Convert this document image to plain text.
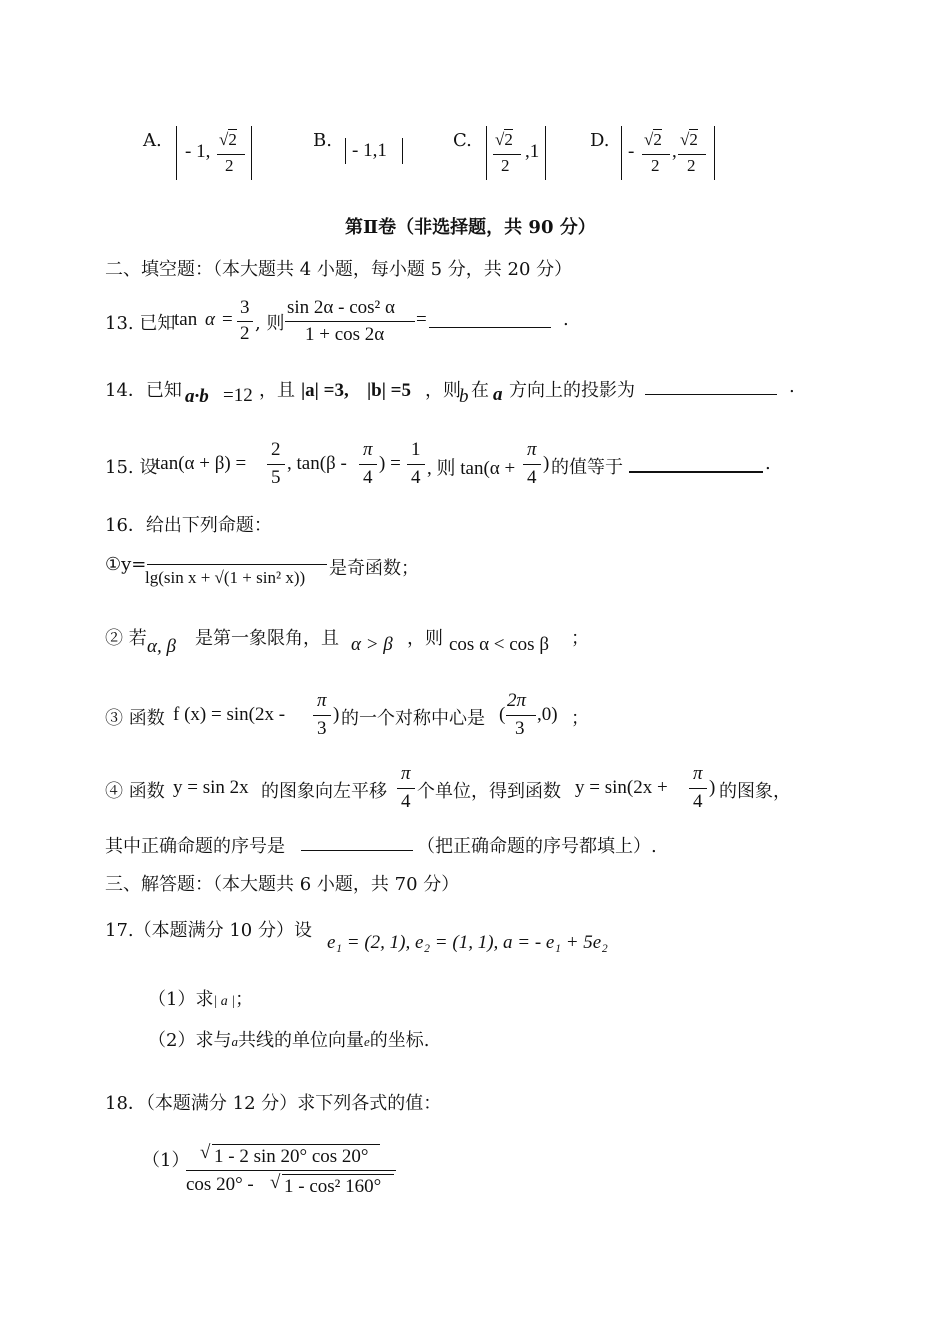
A.
- 1,
√2
2
B. - 1,1	C. √2
2
,1
D.
-
√2
2
,
√2
2
第Ⅱ卷（非选择题，共 90 分）
二、填空题：（本大题共 4 小题，每小题 5 分，共 20 分）
13. 已知
tan α =
3
2 , 则
sin 2α - cos² α
1 + cos 2α
=	.
14．已知 a·b =12 ，且 |a| =3, |b| =5 ，则
b 在 a 方向上的投影为	.
15. 设
tan(α + β) =
2
5
, tan(β -
π
4
) =
1
4 , 则 tan(α +
π
4
) 的值等于	.
16．给出下列命题：
①y=
lg(sin x + √(1 + sin² x)) 是奇函数；
② 若 α, β 是第一象限角，且 α > β ，则 cos α < cos β ；
③ 函数 f (x) = sin(2x -
π
3
) 的一个对称中心是 (
2π
3
,0) ；
④ 函数 y = sin 2x 的图象向左平移
π
4 个单位，得到函数 y = sin(2x +
π
4
) 的图象，
其中正确命题的序号是	（把正确命题的序号都填上）.
三、解答题：（本大题共 6 小题，共 70 分）
17.（本题满分 10 分）设
e₁ = (2, 1), e₂ = (1, 1), a = - e₁ + 5e₂
（1）求| a |；
（2）求与a共线的单位向量e的坐标.
18．（本题满分 12 分）求下列各式的值：
（1） √ 1 - 2 sin 20° cos 20°
cos 20° - √ 1 - cos² 160°
